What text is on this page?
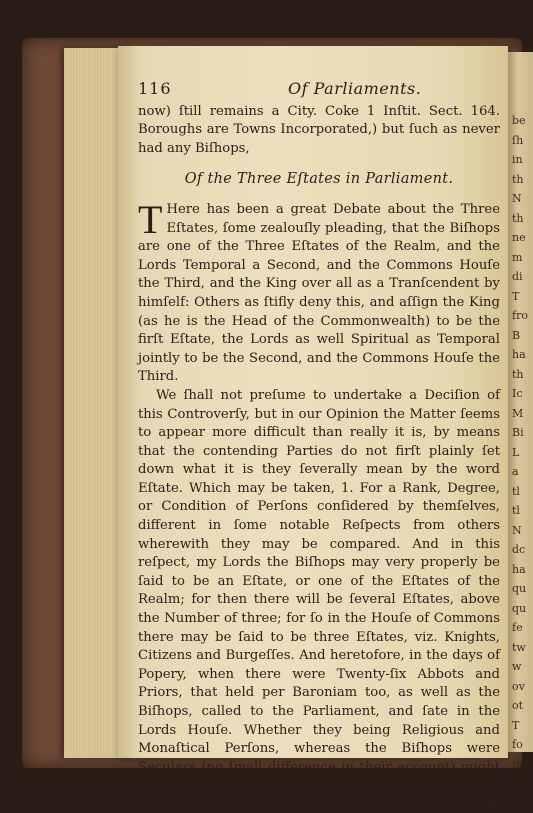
be
ſh
in
th
N
th
ne
m
di
T
fro
B
ha
th
Ic
M
Bi
L
a
tl
tl
N
dc
ha
qu
qu
fe
tw
w
ov
ot
T
fo
fr
116	Of Parliaments.

now) ſtill remains a City. Coke 1 Inſtit. Sect. 164. Boroughs are Towns Incorporated,) but ſuch as never had any Biſhops,

Of the Three Eſtates in Parliament.

T Here has been a great Debate about the Three Eſtates, ſome zealouſly pleading, that the Biſhops are one of the Three Eſtates of the Realm, and the Lords Temporal a Second, and the Commons Houſe the Third, and the King over all as a Tranſcendent by himſelf: Others as ſtifly deny this, and aſſign the King (as he is the Head of the Commonwealth) to be the firſt Eſtate, the Lords as well Spiritual as Temporal jointly to be the Second, and the Commons Houſe the Third.

We ſhall not preſume to undertake a Deciſion of this Controverſy, but in our Opinion the Matter ſeems to appear more difficult than really it is, by means that the contending Parties do not firſt plainly ſet down what it is they ſeverally mean by the word Eſtate. Which may be taken, 1. For a Rank, Degree, or Condition of Perſons conſidered by themſelves, different in ſome notable Reſpects from others wherewith they may be compared. And in this reſpect, my Lords the Biſhops may very properly be ſaid to be an Eſtate, or one of the Eſtates of the Realm; for then there will be ſeveral Eſtates, above the Number of three; for ſo in the Houſe of Commons there may be ſaid to be three Eſtates, viz. Knights, Citizens and Burgeſſes. And heretofore, in the days of Popery, when there were Twenty-ſix Abbots and Priors, that held per Baroniam too, as well as the Biſhops, called to the Parliament, and ſate in the Lords Houſe. Whether they being Religious and Monaſtical Perſons, whereas the Biſhops were Seculars (no ſmall difference in their account) might not as well claim to

be
